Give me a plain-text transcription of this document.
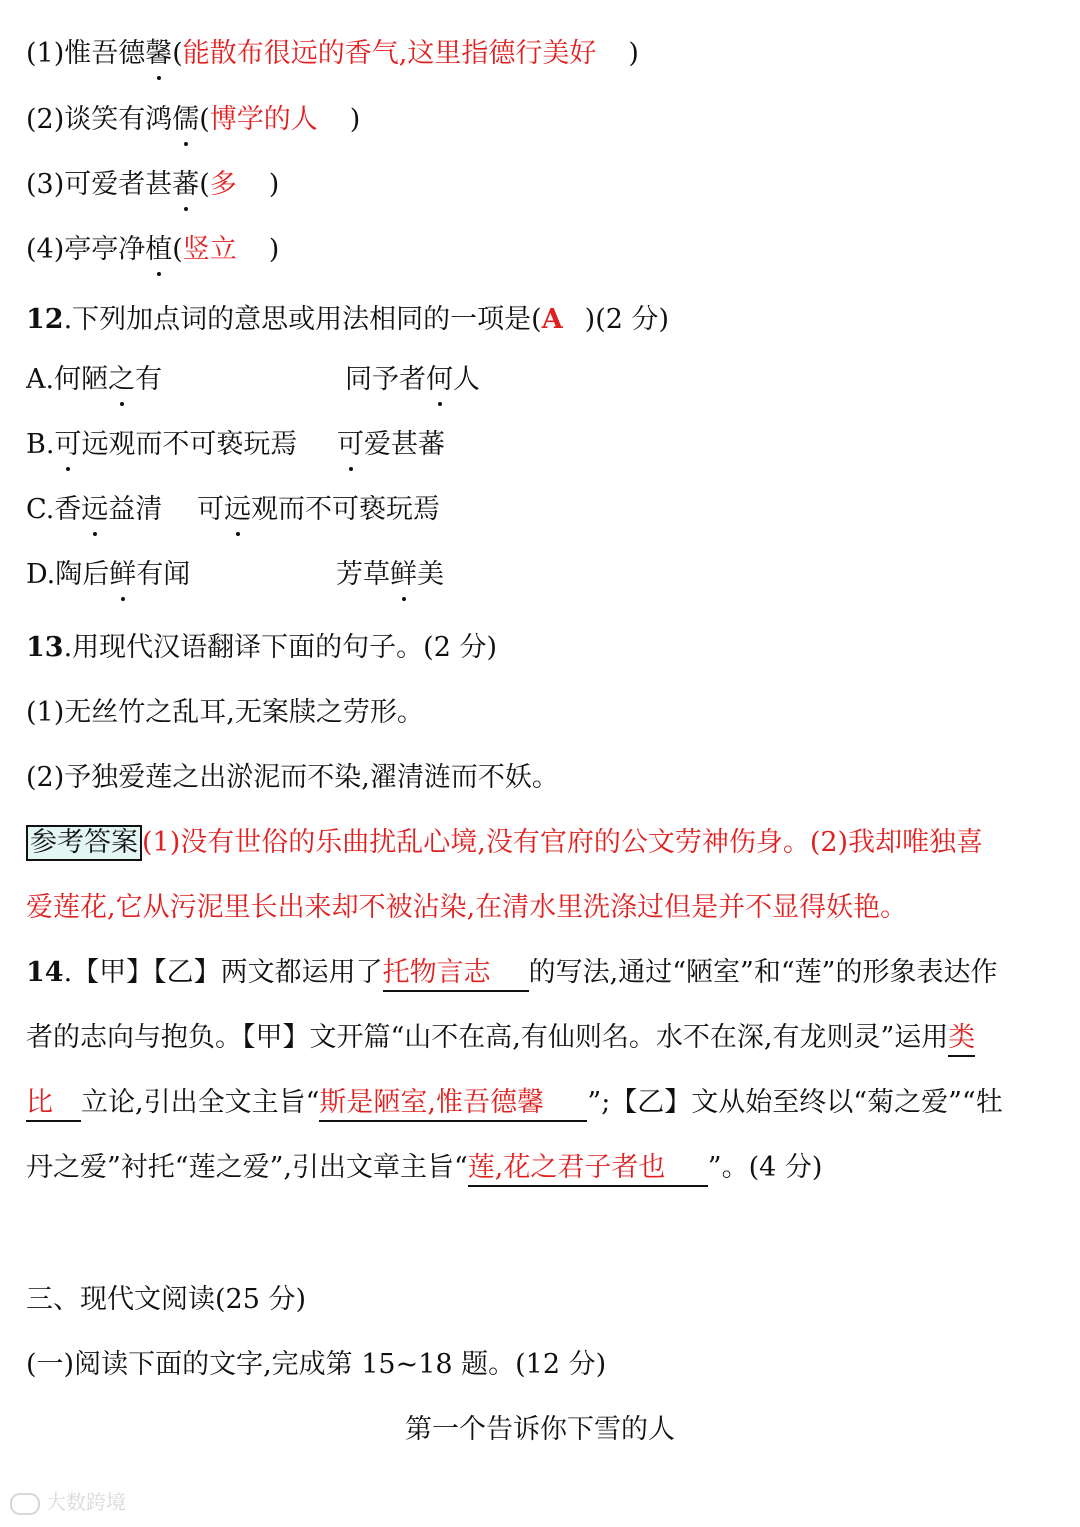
(1)惟吾德馨(能散布很远的香气,这里指德行美好 )
(2)谈笑有鸿儒(博学的人 )
(3)可爱者甚蕃(多 )
(4)亭亭净植(竖立 )
12.下列加点词的意思或用法相同的一项是(A )(2 分)
A.何陋之有	同予者何人
B.可远观而不可亵玩焉 可爱甚蕃
C.香远益清 可远观而不可亵玩焉
D.陶后鲜有闻	芳草鲜美
13.用现代汉语翻译下面的句子。(2 分)
(1)无丝竹之乱耳,无案牍之劳形。
(2)予独爱莲之出淤泥而不染,濯清涟而不妖。
参考答案 (1)没有世俗的乐曲扰乱心境,没有官府的公文劳神伤身。(2)我却唯独喜
爱莲花,它从污泥里长出来却不被沾染,在清水里洗涤过但是并不显得妖艳。
14.【甲】【乙】两文都运用了托物言志 的写法,通过“陋室”和“莲”的形象表达作
者的志向与抱负。【甲】文开篇“山不在高,有仙则名。水不在深,有龙则灵”运用类
比 立论,引出全文主旨“斯是陋室,惟吾德馨 ”;【乙】文从始至终以“菊之爱”“牡
丹之爱”衬托“莲之爱”,引出文章主旨“莲,花之君子者也 ”。(4 分)
三、现代文阅读(25 分)
(一)阅读下面的文字,完成第 15~18 题。(12 分)
第一个告诉你下雪的人
大数跨境
